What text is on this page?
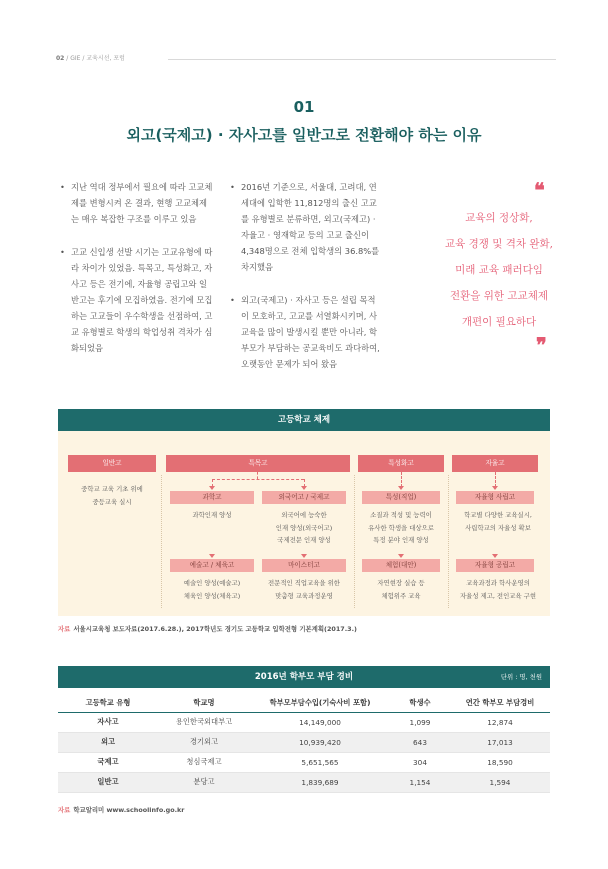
02 / GIE / 교육시선, 포럼
01
외고(국제고) · 자사고를 일반고로 전환해야 하는 이유

• 지난 역대 정부에서 필요에 따라 고교체제를 변형시켜 온 결과, 현행 고교체제는 매우 복잡한 구조를 이루고 있음

• 고교 신입생 선발 시기는 고교유형에 따라 차이가 있었음. 특목고, 특성화고, 자사고 등은 전기에, 자율형 공립고와 일반고는 후기에 모집하였음. 전기에 모집하는 고교들이 우수학생을 선점하여, 고교 유형별로 학생의 학업성취 격차가 심화되었음

• 2016년 기준으로, 서울대, 고려대, 연세대에 입학한 11,812명의 출신 고교를 유형별로 분류하면, 외고(국제고) · 자율고 · 영재학교 등의 고교 출신이 4,348명으로 전체 입학생의 36.8%를 차지했음

• 외고(국제고) · 자사고 등은 설립 목적이 모호하고, 고교를 서열화시키며, 사교육을 많이 발생시킬 뿐만 아니라, 학부모가 부담하는 공교육비도 과다하여, 오랫동안 문제가 되어 왔음

❝
교육의 정상화,
교육 경쟁 및 격차 완화,
미래 교육 패러다임
전환을 위한 고교체제
개편이 필요하다
❞
고등학교 체제
일반고	특목고	특성화고	자율고
중학교 교육 기초 위에
중등교육 실시
과학고	외국어고 / 국제고
과학인재 양성	외국어에 능숙한
인재 양성(외국어고)
국제전문 인재 양성
예술고 / 체육고	마이스터고
예술인 양성(예술고)
체육인 양성(체육고)
전문적인 직업교육을 위한
맞춤형 교육과정운영
특성(직업)
소질과 적성 및 능력이
유사한 학생을 대상으로
특정 분야 인재 양성
체험(대안)
자연현장 실습 등
체험위주 교육
자율형 사립고
학교별 다양한 교육실시,
사립학교의 자율성 확보
자율형 공립고
교육과정과 학사운영의
자율성 제고, 전인교육 구현
자료 서울시교육청 보도자료(2017.6.28.), 2017학년도 경기도 고등학교 입학전형 기본계획(2017.3.)
2016년 학부모 부담 경비	단위 : 명, 천원
고등학교 유형	학교명	학부모부담수입(기숙사비 포함)	학생수	연간 학부모 부담경비
자사고	용인한국외대부고	14,149,000	1,099	12,874
외고	경기외고	10,939,420	643	17,013
국제고	청심국제고	5,651,565	304	18,590
일반고	분당고	1,839,689	1,154	1,594
자료 학교알리미 www.schoolinfo.go.kr
